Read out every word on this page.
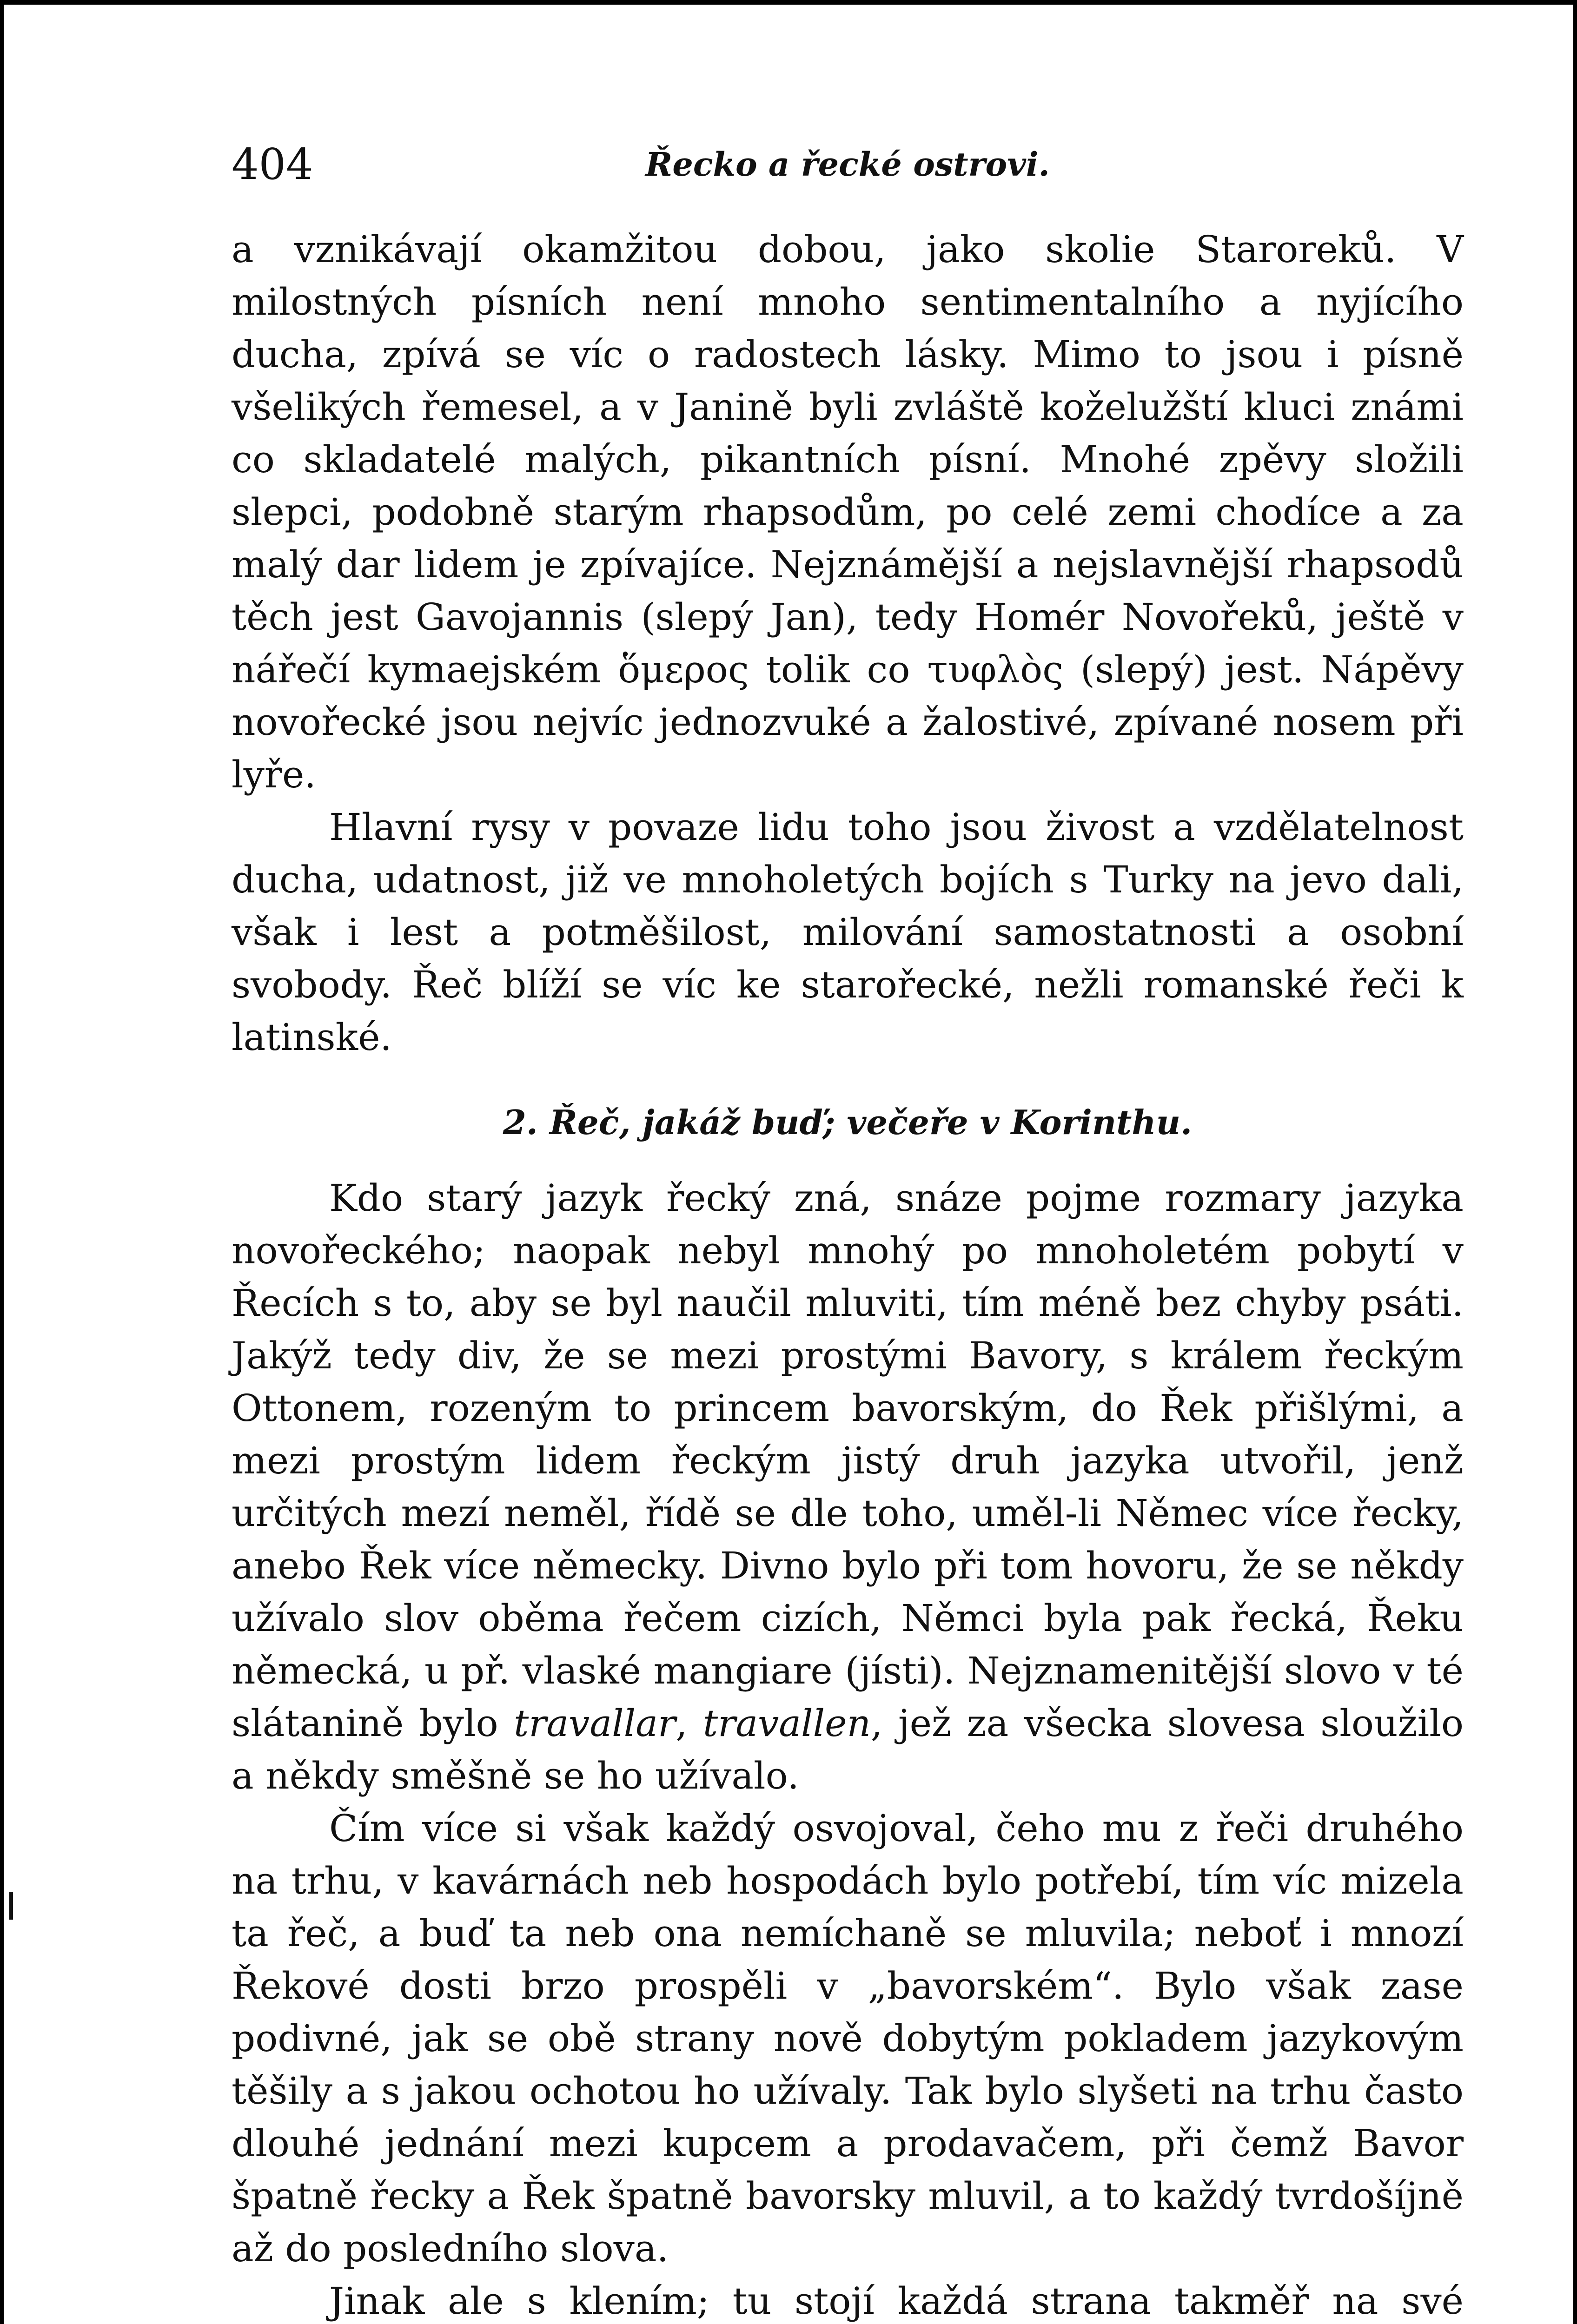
404	Řecko a řecké ostrovi.

a vznikávají okamžitou dobou, jako skolie Staroreků. V milostných písních není mnoho sentimentalního a nyjícího ducha, zpívá se víc o radostech lásky. Mimo to jsou i písně všelikých řemesel, a v Janině byli zvláště koželužští kluci známi co skladatelé malých, pikantních písní. Mnohé zpěvy složili slepci, podobně starým rhapsodům, po celé zemi chodíce a za malý dar lidem je zpívajíce. Nejznámější a nejslavnější rhapsodů těch jest Gavojannis (slepý Jan), tedy Homér Novořeků, ještě v nářečí kymaejském ὅμερος tolik co τυφλὸς (slepý) jest. Nápěvy novořecké jsou nejvíc jednozvuké a žalostivé, zpívané nosem při lyře.

Hlavní rysy v povaze lidu toho jsou živost a vzdělatelnost ducha, udatnost, již ve mnoholetých bojích s Turky na jevo dali, však i lest a potměšilost, milování samostatnosti a osobní svobody. Řeč blíží se víc ke starořecké, nežli romanské řeči k latinské.

2. Řeč, jakáž buď; večeře v Korinthu.

Kdo starý jazyk řecký zná, snáze pojme rozmary jazyka novořeckého; naopak nebyl mnohý po mnoholetém pobytí v Řecích s to, aby se byl naučil mluviti, tím méně bez chyby psáti. Jakýž tedy div, že se mezi prostými Bavory, s králem řeckým Ottonem, rozeným to princem bavorským, do Řek přišlými, a mezi prostým lidem řeckým jistý druh jazyka utvořil, jenž určitých mezí neměl, řídě se dle toho, uměl-li Němec více řecky, anebo Řek více německy. Divno bylo při tom hovoru, že se někdy užívalo slov oběma řečem cizích, Němci byla pak řecká, Řeku německá, u př. vlaské mangiare (jísti). Nejznamenitější slovo v té slátanině bylo travallar, travallen, jež za všecka slovesa sloužilo a někdy směšně se ho užívalo.

Čím více si však každý osvojoval, čeho mu z řeči druhého na trhu, v kavárnách neb hospodách bylo potřebí, tím víc mizela ta řeč, a buď ta neb ona nemíchaně se mluvila; neboť i mnozí Řekové dosti brzo prospěli v „bavorském“. Bylo však zase podivné, jak se obě strany nově dobytým pokladem jazykovým těšily a s jakou ochotou ho užívaly. Tak bylo slyšeti na trhu často dlouhé jednání mezi kupcem a prodavačem, při čemž Bavor špatně řecky a Řek špatně bavorsky mluvil, a to každý tvrdošíjně až do posledního slova.

Jinak ale s klením; tu stojí každá strana takměř na své
